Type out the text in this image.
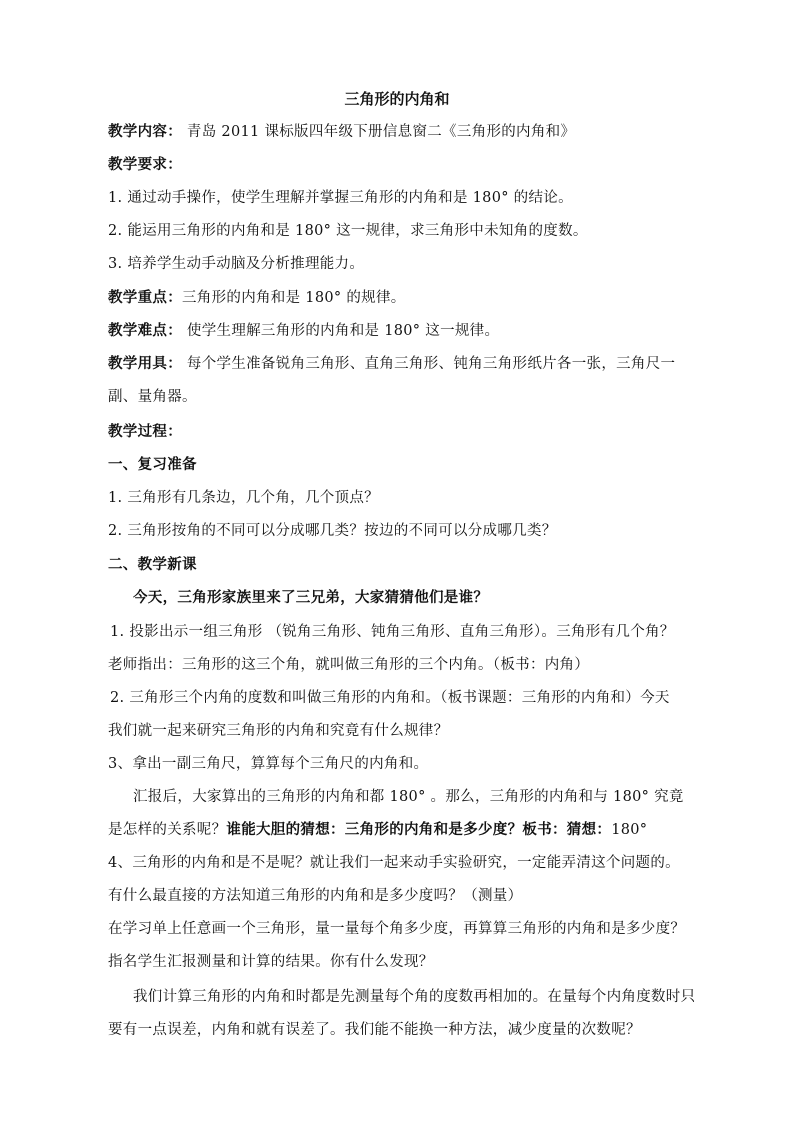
三角形的内角和
教学内容： 青岛 2011 课标版四年级下册信息窗二《三角形的内角和》
教学要求：
1. 通过动手操作，使学生理解并掌握三角形的内角和是 180° 的结论。
2. 能运用三角形的内角和是 180° 这一规律，求三角形中未知角的度数。
3. 培养学生动手动脑及分析推理能力。
教学重点：三角形的内角和是 180° 的规律。
教学难点： 使学生理解三角形的内角和是 180° 这一规律。
教学用具： 每个学生准备锐角三角形、直角三角形、钝角三角形纸片各一张，三角尺一
副、量角器。
教学过程：
一、复习准备
1. 三角形有几条边，几个角，几个顶点？
2. 三角形按角的不同可以分成哪几类？按边的不同可以分成哪几类？
二、教学新课
今天，三角形家族里来了三兄弟，大家猜猜他们是谁？
1. 投影出示一组三角形 （锐角三角形、钝角三角形、直角三角形）。三角形有几个角？
老师指出：三角形的这三个角，就叫做三角形的三个内角。（板书：内角）
2. 三角形三个内角的度数和叫做三角形的内角和。（板书课题：三角形的内角和）今天
我们就一起来研究三角形的内角和究竟有什么规律？
3、拿出一副三角尺，算算每个三角尺的内角和。
汇报后，大家算出的三角形的内角和都 180° 。那么，三角形的内角和与 180° 究竟
是怎样的关系呢？谁能大胆的猜想：三角形的内角和是多少度？板书：猜想：180°
4、三角形的内角和是不是呢？就让我们一起来动手实验研究，一定能弄清这个问题的。
有什么最直接的方法知道三角形的内角和是多少度吗？（测量）
在学习单上任意画一个三角形，量一量每个角多少度，再算算三角形的内角和是多少度？
指名学生汇报测量和计算的结果。你有什么发现？
我们计算三角形的内角和时都是先测量每个角的度数再相加的。在量每个内角度数时只
要有一点误差，内角和就有误差了。我们能不能换一种方法，减少度量的次数呢？
